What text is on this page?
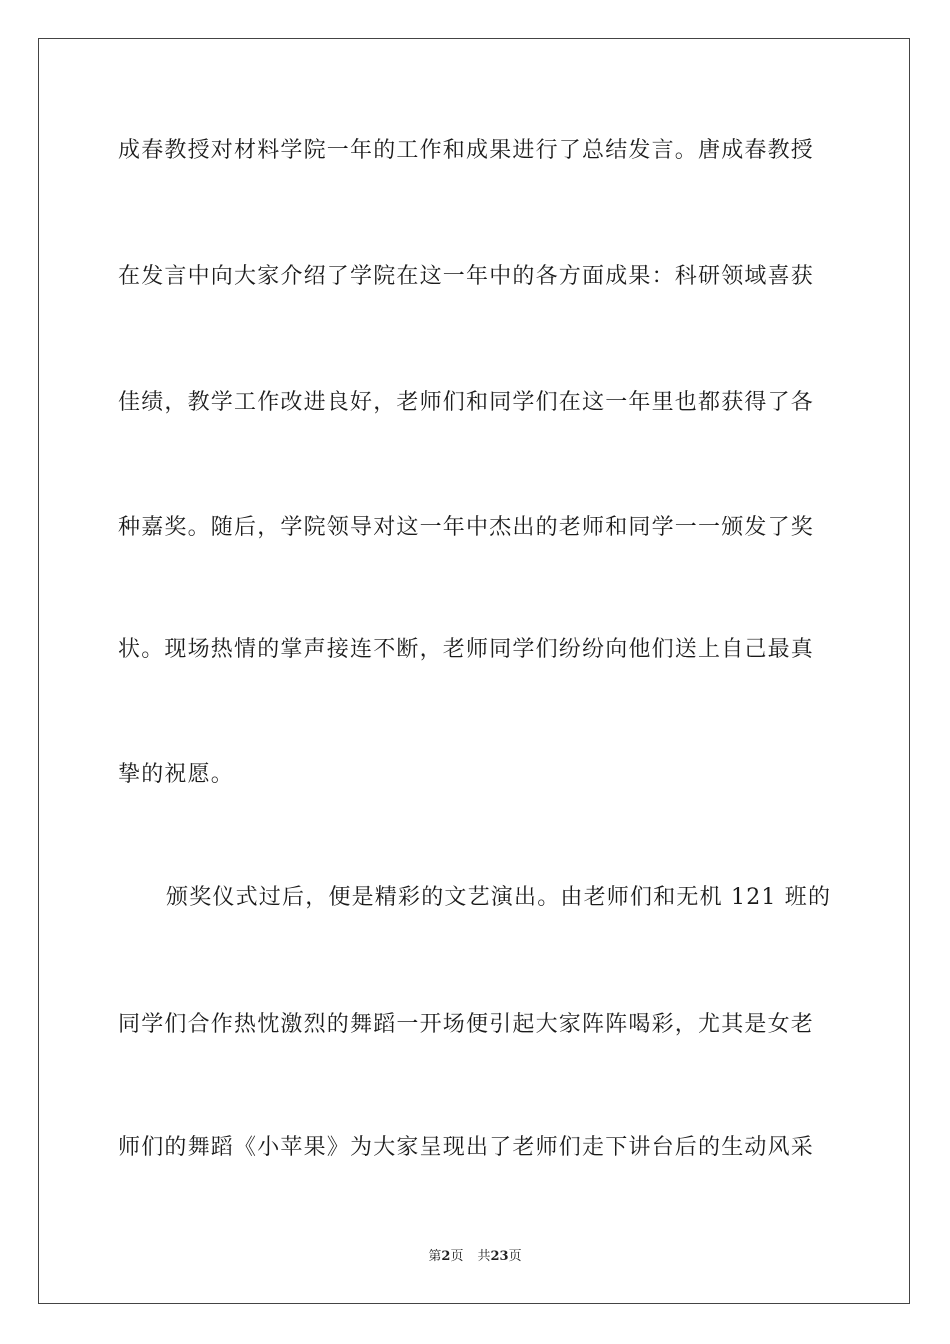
成春教授对材料学院一年的工作和成果进行了总结发言。唐成春教授
在发言中向大家介绍了学院在这一年中的各方面成果：科研领域喜获
佳绩，教学工作改进良好，老师们和同学们在这一年里也都获得了各
种嘉奖。随后，学院领导对这一年中杰出的老师和同学一一颁发了奖
状。现场热情的掌声接连不断，老师同学们纷纷向他们送上自己最真
挚的祝愿。
颁奖仪式过后，便是精彩的文艺演出。由老师们和无机 121 班的
同学们合作热忱激烈的舞蹈一开场便引起大家阵阵喝彩，尤其是女老
师们的舞蹈《小苹果》为大家呈现出了老师们走下讲台后的生动风采
第2页 共23页
